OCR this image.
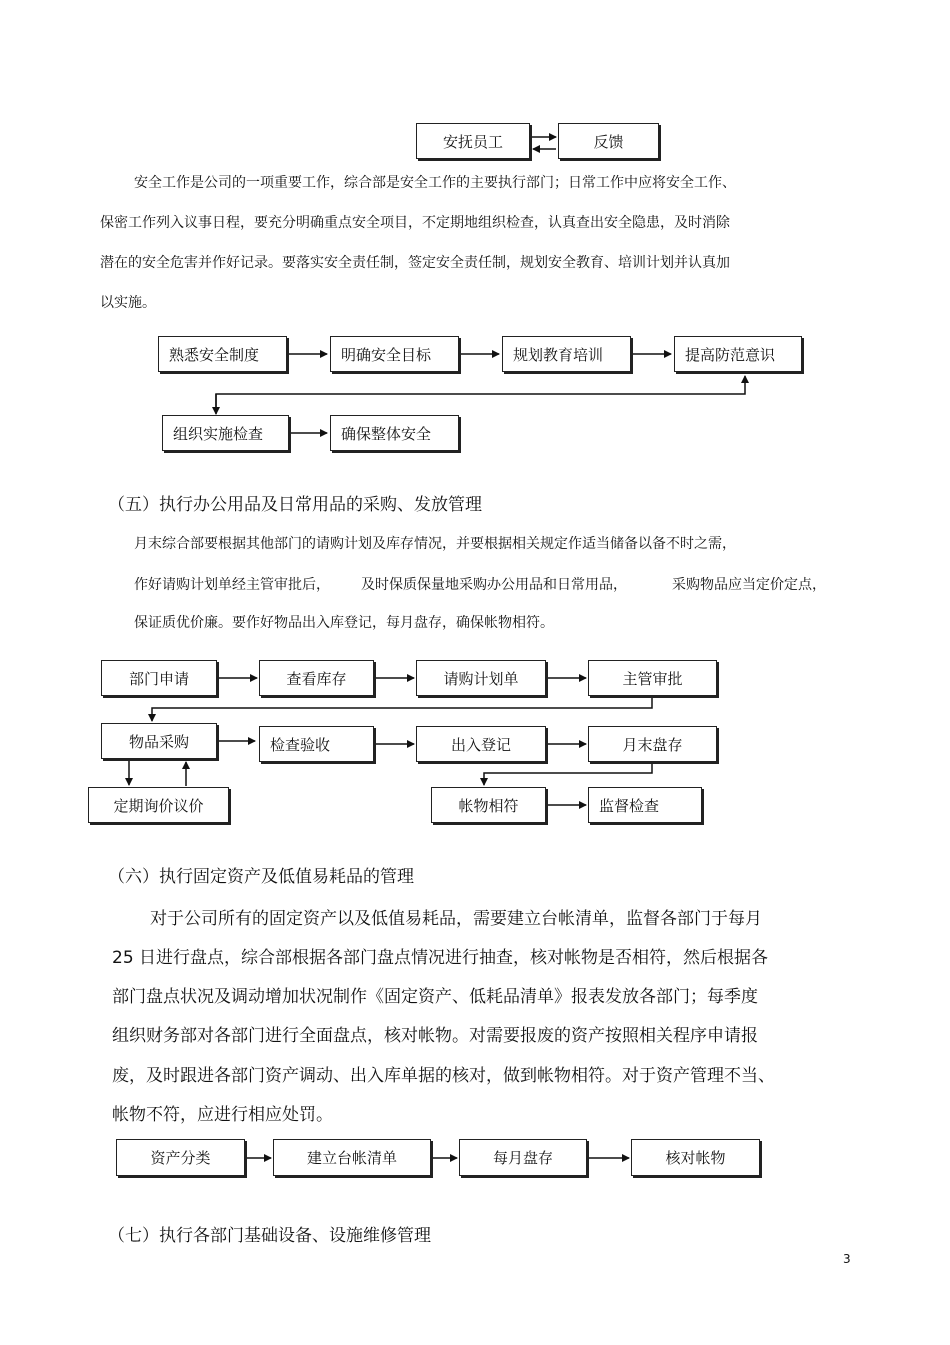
安抚员工	反馈
安全工作是公司的一项重要工作，综合部是安全工作的主要执行部门；日常工作中应将安全工作、
保密工作列入议事日程，要充分明确重点安全项目，不定期地组织检查，认真查出安全隐患，及时消除
潜在的安全危害并作好记录。要落实安全责任制，签定安全责任制，规划安全教育、培训计划并认真加
以实施。
熟悉安全制度	明确安全目标	规划教育培训	提高防范意识
组织实施检查	确保整体安全
（五）执行办公用品及日常用品的采购、发放管理
月末综合部要根据其他部门的请购计划及库存情况，并要根据相关规定作适当储备以备不时之需，
作好请购计划单经主管审批后， 及时保质保量地采购办公用品和日常用品，	采购物品应当定价定点，
保证质优价廉。要作好物品出入库登记，每月盘存，确保帐物相符。
部门申请	查看库存	请购计划单	主管审批
物品采购	检查验收	出入登记	月末盘存
定期询价议价	帐物相符	监督检查
（六）执行固定资产及低值易耗品的管理
对于公司所有的固定资产以及低值易耗品，需要建立台帐清单，监督各部门于每月
25 日进行盘点，综合部根据各部门盘点情况进行抽查，核对帐物是否相符，然后根据各
部门盘点状况及调动增加状况制作《固定资产、低耗品清单》报表发放各部门；每季度
组织财务部对各部门进行全面盘点，核对帐物。对需要报废的资产按照相关程序申请报
废，及时跟进各部门资产调动、出入库单据的核对，做到帐物相符。对于资产管理不当、
帐物不符，应进行相应处罚。
资产分类	建立台帐清单	每月盘存	核对帐物
（七）执行各部门基础设备、设施维修管理
3
